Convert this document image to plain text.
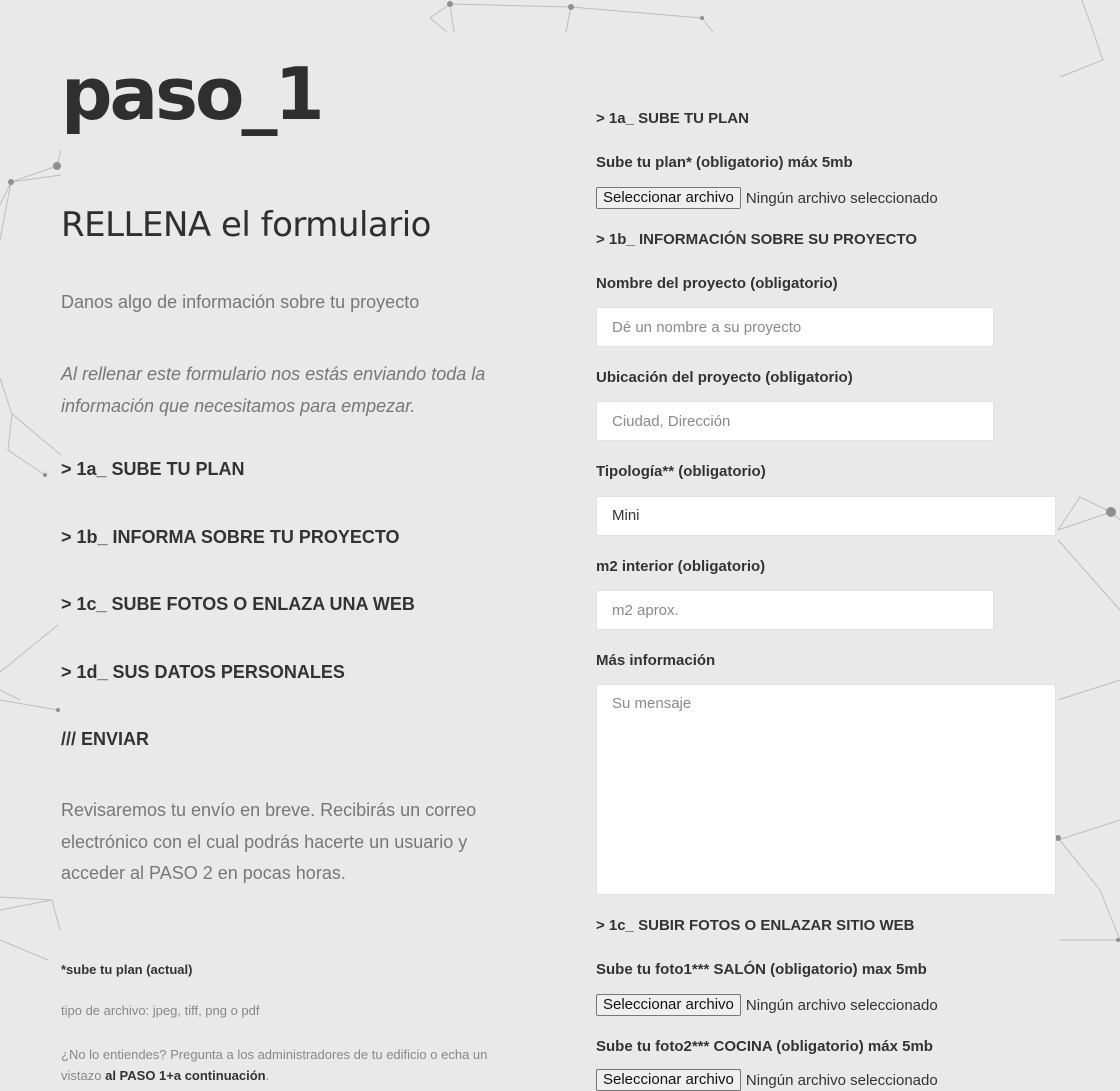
paso_1
RELLENA el formulario
Danos algo de información sobre tu proyecto
Al rellenar este formulario nos estás enviando toda la información que necesitamos para empezar.
> 1a_ SUBE TU PLAN
> 1b_ INFORMA SOBRE TU PROYECTO
> 1c_ SUBE FOTOS O ENLAZA UNA WEB
> 1d_ SUS DATOS PERSONALES
/// ENVIAR
Revisaremos tu envío en breve. Recibirás un correo electrónico con el cual podrás hacerte un usuario y acceder al PASO 2 en pocas horas.
*sube tu plan (actual)
tipo de archivo: jpeg, tiff, png o pdf
¿No lo entiendes? Pregunta a los administradores de tu edificio o echa un vistazo al PASO 1+a continuación.
> 1a_ SUBE TU PLAN
Sube tu plan* (obligatorio) máx 5mb
Seleccionar archivo Ningún archivo seleccionado
> 1b_ INFORMACIÓN SOBRE SU PROYECTO
Nombre del proyecto (obligatorio)
Dé un nombre a su proyecto
Ubicación del proyecto (obligatorio)
Ciudad, Dirección
Tipología** (obligatorio)
Mini
m2 interior (obligatorio)
m2 aprox.
Más información
Su mensaje
> 1c_ SUBIR FOTOS O ENLAZAR SITIO WEB
Sube tu foto1*** SALÓN (obligatorio) max 5mb
Seleccionar archivo Ningún archivo seleccionado
Sube tu foto2*** COCINA (obligatorio) máx 5mb
Seleccionar archivo Ningún archivo seleccionado
